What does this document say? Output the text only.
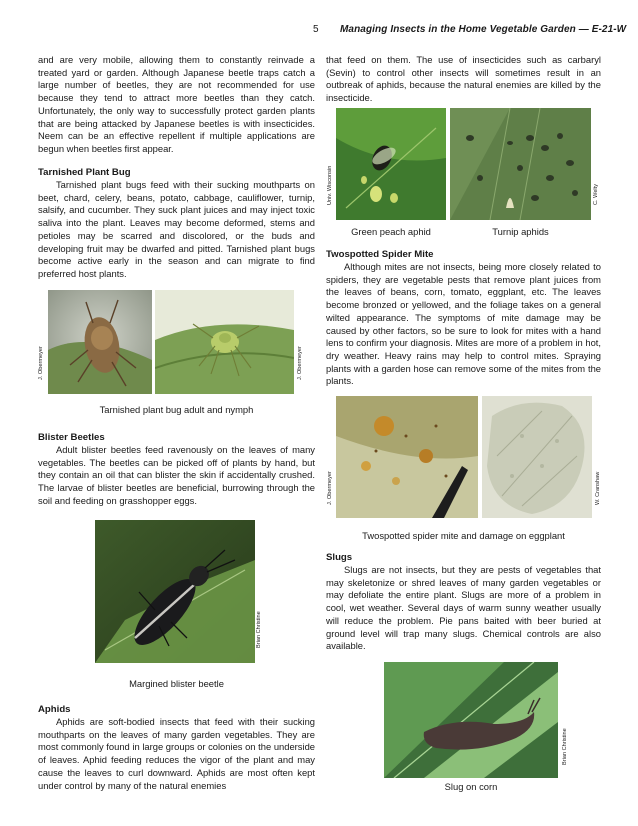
5 Managing Insects in the Home Vegetable Garden — E-21-W

and are very mobile, allowing them to constantly reinvade a treated yard or garden. Although Japanese beetle traps catch a large number of beetles, they are not recommended for use because they tend to attract more beetles than they catch. Unfortunately, the only way to successfully protect garden plants that are being attacked by Japanese beetles is with insecticides. Neem can be an effective repellent if multiple applications are begun when beetles first appear.

Tarnished Plant Bug

Tarnished plant bugs feed with their sucking mouthparts on beet, chard, celery, beans, potato, cabbage, cauliflower, turnip, salsify, and cucumber. They suck plant juices and may inject toxic saliva into the plant. Leaves may become deformed, stems and petioles may be scarred and discolored, or the buds and developing fruit may be dwarfed and pitted. Tarnished plant bugs become active early in the season and can migrate to find preferred host plants.

J. Obermeyer	J. Obermeyer
Tarnished plant bug adult and nymph
Blister Beetles

Adult blister beetles feed ravenously on the leaves of many vegetables. The beetles can be picked off of plants by hand, but they contain an oil that can blister the skin if accidentally crushed. The larvae of blister beetles are beneficial, burrowing through the soil and feeding on grasshopper eggs.

Brian Christine
Margined blister beetle
Aphids

Aphids are soft-bodied insects that feed with their sucking mouthparts on the leaves of many garden vegetables. They are most commonly found in large groups or colonies on the underside of leaves. Aphid feeding reduces the vigor of the plant and may cause the leaves to curl downward. Aphids are most often kept under control by many of the natural enemies

that feed on them. The use of insecticides such as carbaryl (Sevin) to control other insects will sometimes result in an outbreak of aphids, because the natural enemies are killed by the insecticide.

Univ. Wisconsin	C. Welty
Green peach aphid	Turnip aphids
Twospotted Spider Mite

Although mites are not insects, being more closely related to spiders, they are vegetable pests that remove plant juices from the leaves of beans, corn, tomato, eggplant, etc. The leaves become bronzed or yellowed, and the foliage takes on a general wilted appearance. The symptoms of mite damage may be caused by other factors, so be sure to look for mites with a hand lens to confirm your diagnosis. Mites are more of a problem in hot, dry weather. Heavy rains may help to control mites. Spraying plants with a garden hose can remove some of the mites from the plants.

J. Obermeyer	W. Cranshaw
Twospotted spider mite and damage on eggplant
Slugs

Slugs are not insects, but they are pests of vegetables that may skeletonize or shred leaves of many garden vegetables or may defoliate the entire plant. Slugs are more of a problem in cool, wet weather. Several days of warm sunny weather usually will reduce the problem. Pie pans baited with beer buried at ground level will trap many slugs. Chemical controls are also available.

Brian Christine
Slug on corn
